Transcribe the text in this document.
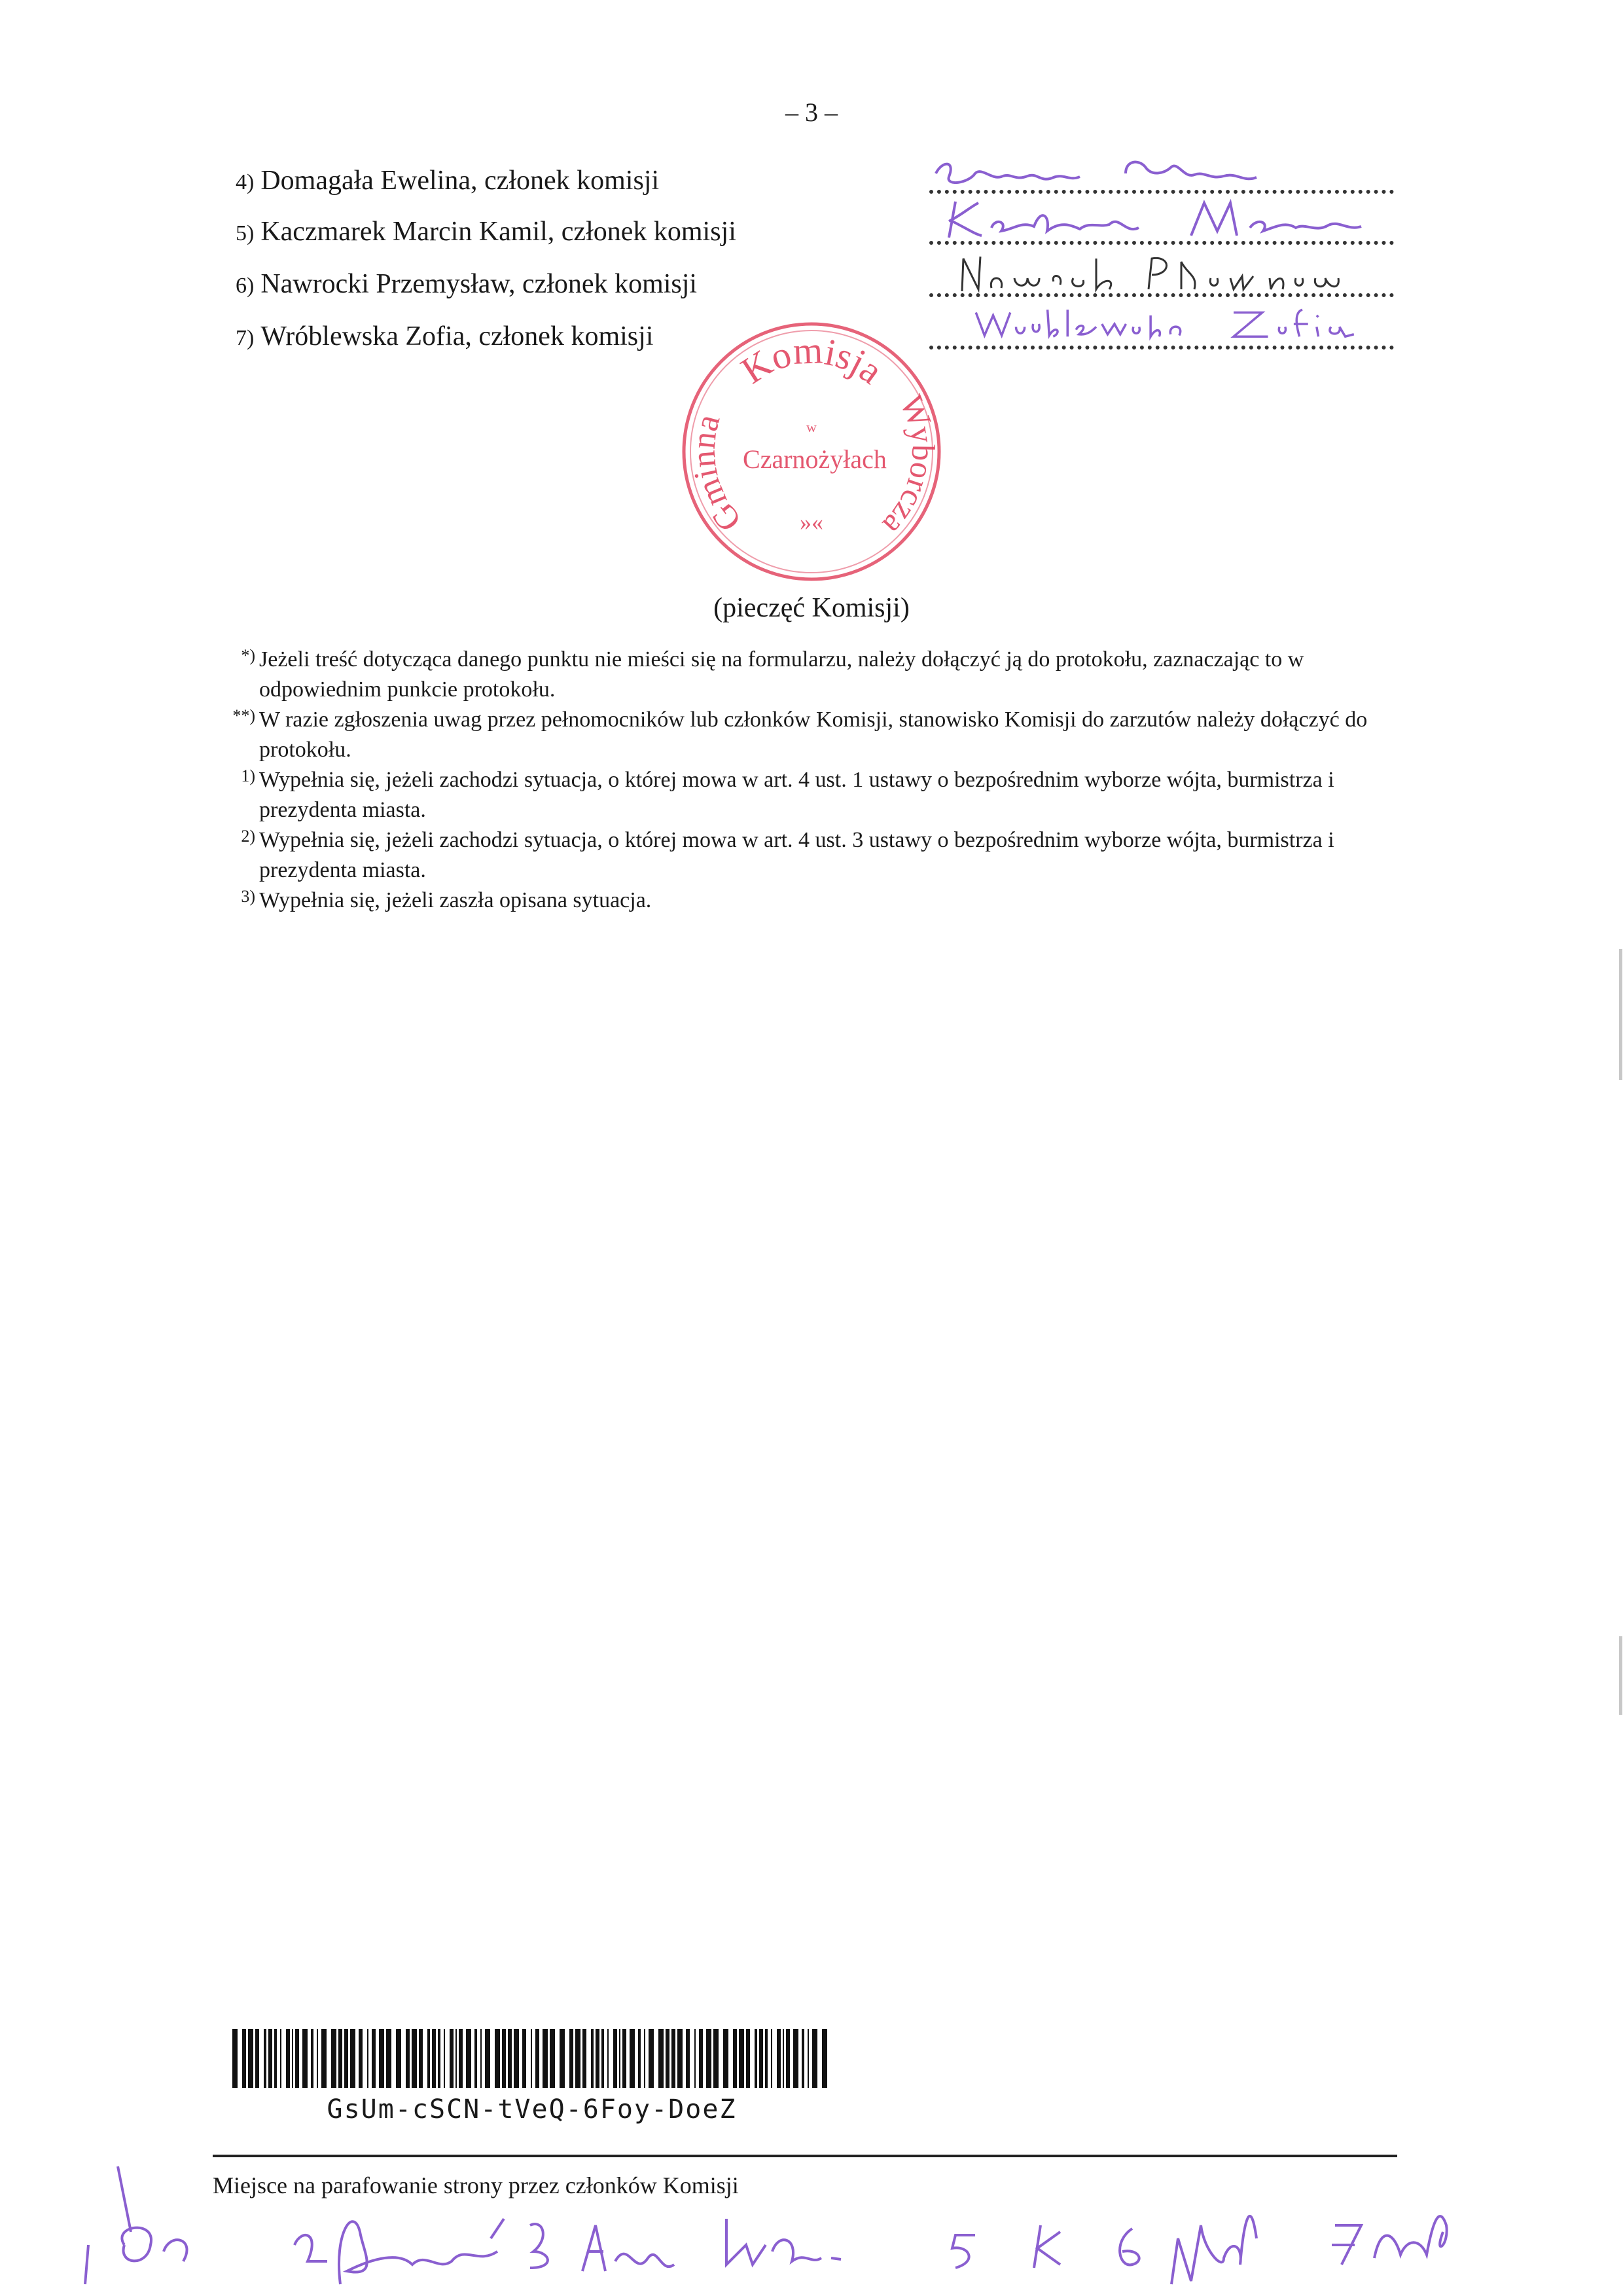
– 3 –
4) Domagała Ewelina, członek komisji
5) Kaczmarek Marcin Kamil, członek komisji
6) Nawrocki Przemysław, członek komisji
7) Wróblewska Zofia, członek komisji
Komisja
Gminna	Wyborcza
w
Czarnożyłach
»«
(pieczęć Komisji)
*) Jeżeli treść dotycząca danego punktu nie mieści się na formularzu, należy dołączyć ją do protokołu, zaznaczając to w odpowiednim punkcie protokołu.
**) W razie zgłoszenia uwag przez pełnomocników lub członków Komisji, stanowisko Komisji do zarzutów należy dołączyć do protokołu.
1) Wypełnia się, jeżeli zachodzi sytuacja, o której mowa w art. 4 ust. 1 ustawy o bezpośrednim wyborze wójta, burmistrza i prezydenta miasta.
2) Wypełnia się, jeżeli zachodzi sytuacja, o której mowa w art. 4 ust. 3 ustawy o bezpośrednim wyborze wójta, burmistrza i prezydenta miasta.
3) Wypełnia się, jeżeli zaszła opisana sytuacja.
GsUm-cSCN-tVeQ-6Foy-DoeZ
Miejsce na parafowanie strony przez członków Komisji
